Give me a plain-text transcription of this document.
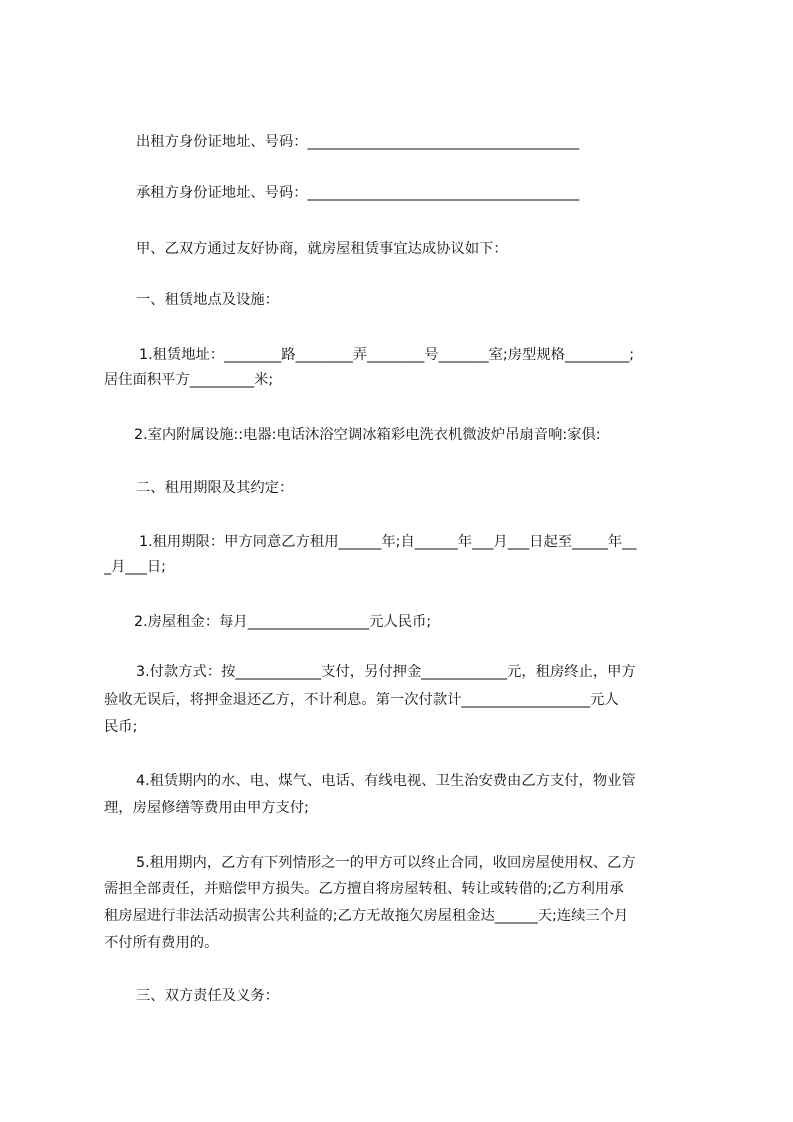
出租方身份证地址、号码：______________________________________
承租方身份证地址、号码：______________________________________
甲、乙双方通过友好协商，就房屋租赁事宜达成协议如下：
一、租赁地点及设施：
1.租赁地址：________路________弄________号_______室;房型规格_________;
居住面积平方_________米;
2.室内附属设施::电器:电话沐浴空调冰箱彩电洗衣机微波炉吊扇音响:家俱:
二、租用期限及其约定：
1.租用期限：甲方同意乙方租用______年;自______年___月___日起至_____年__
_月___日;
2.房屋租金：每月_________________元人民币;
3.付款方式：按____________支付，另付押金____________元，租房终止，甲方
验收无误后，将押金退还乙方，不计利息。第一次付款计__________________元人
民币;
4.租赁期内的水、电、煤气、电话、有线电视、卫生治安费由乙方支付，物业管
理，房屋修缮等费用由甲方支付;
5.租用期内，乙方有下列情形之一的甲方可以终止合同，收回房屋使用权、乙方
需担全部责任，并赔偿甲方损失。乙方擅自将房屋转租、转让或转借的;乙方利用承
租房屋进行非法活动损害公共利益的;乙方无故拖欠房屋租金达______天;连续三个月
不付所有费用的。
三、双方责任及义务：
